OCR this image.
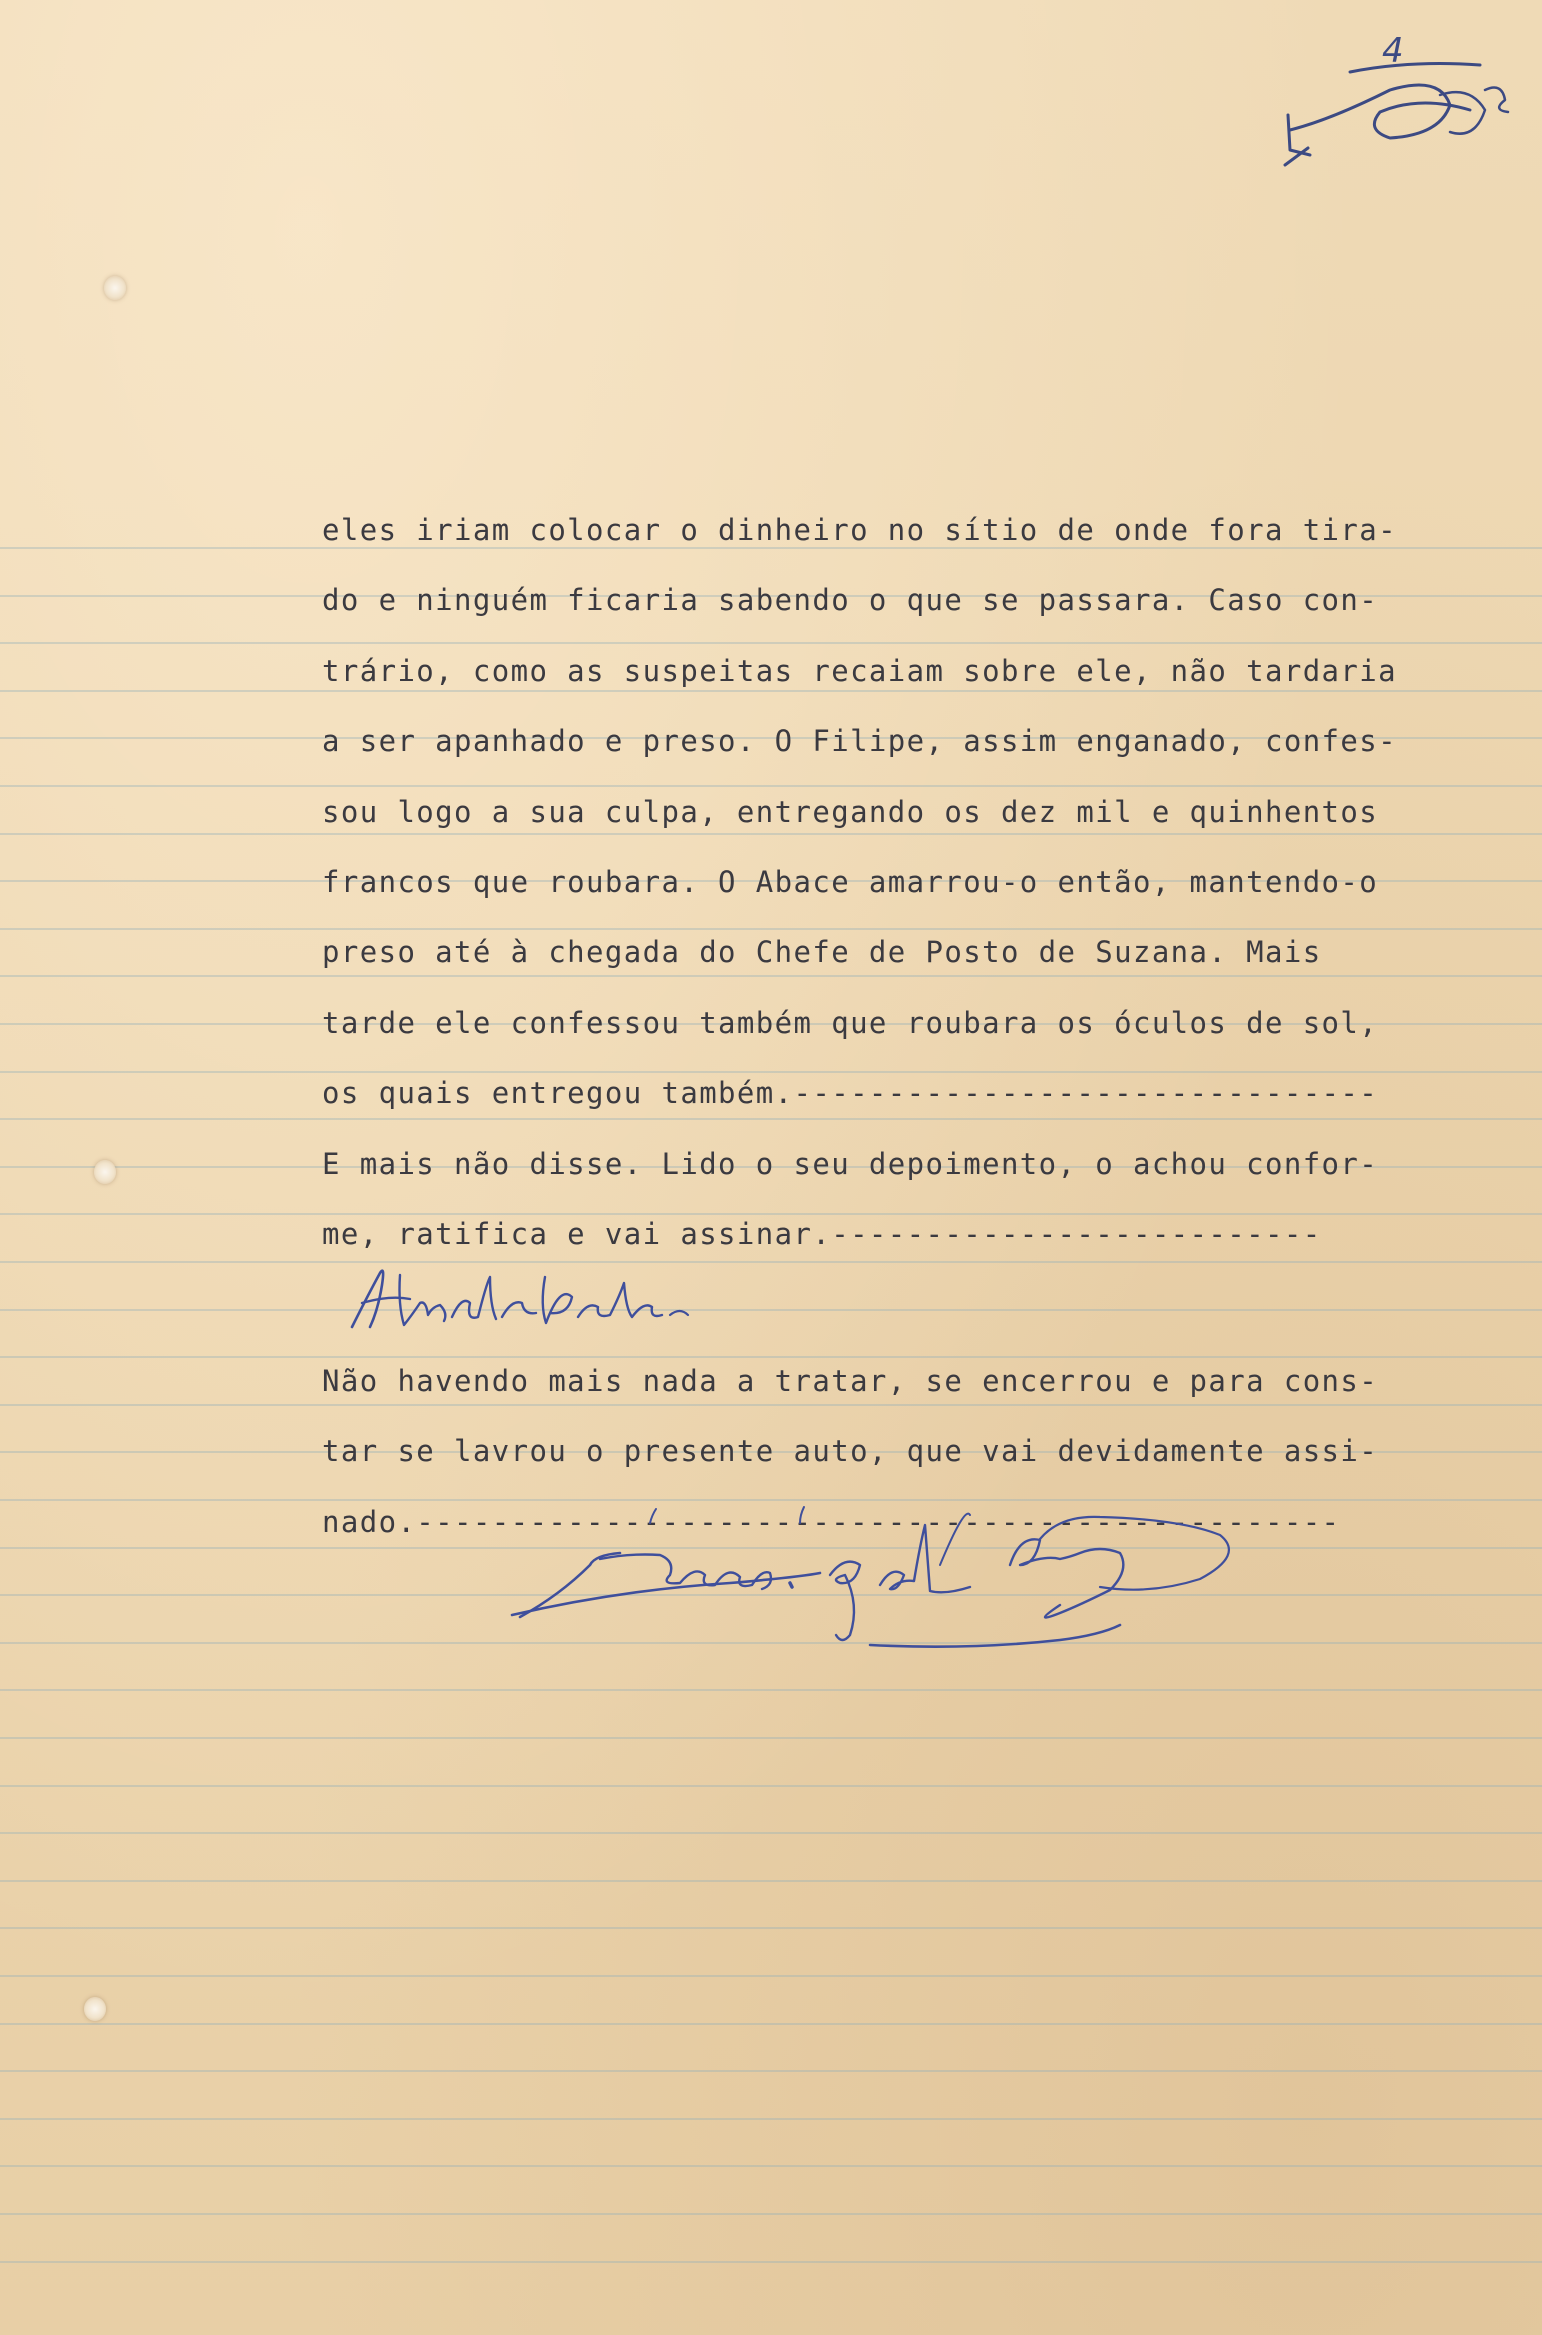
4
eles iriam colocar o dinheiro no sítio de onde fora tira-
do e ninguém ficaria sabendo o que se passara. Caso con-
trário, como as suspeitas recaiam sobre ele, não tardaria
a ser apanhado e preso. O Filipe, assim enganado, confes-
sou logo a sua culpa, entregando os dez mil e quinhentos
francos que roubara. O Abace amarrou-o então, mantendo-o
preso até à chegada do Chefe de Posto de Suzana. Mais
tarde ele confessou também que roubara os óculos de sol,
os quais entregou também.-------------------------------
E mais não disse. Lido o seu depoimento, o achou confor-
me, ratifica e vai assinar.--------------------------
Não havendo mais nada a tratar, se encerrou e para cons-
tar se lavrou o presente auto, que vai devidamente assi-
nado.-------------------------------------------------
